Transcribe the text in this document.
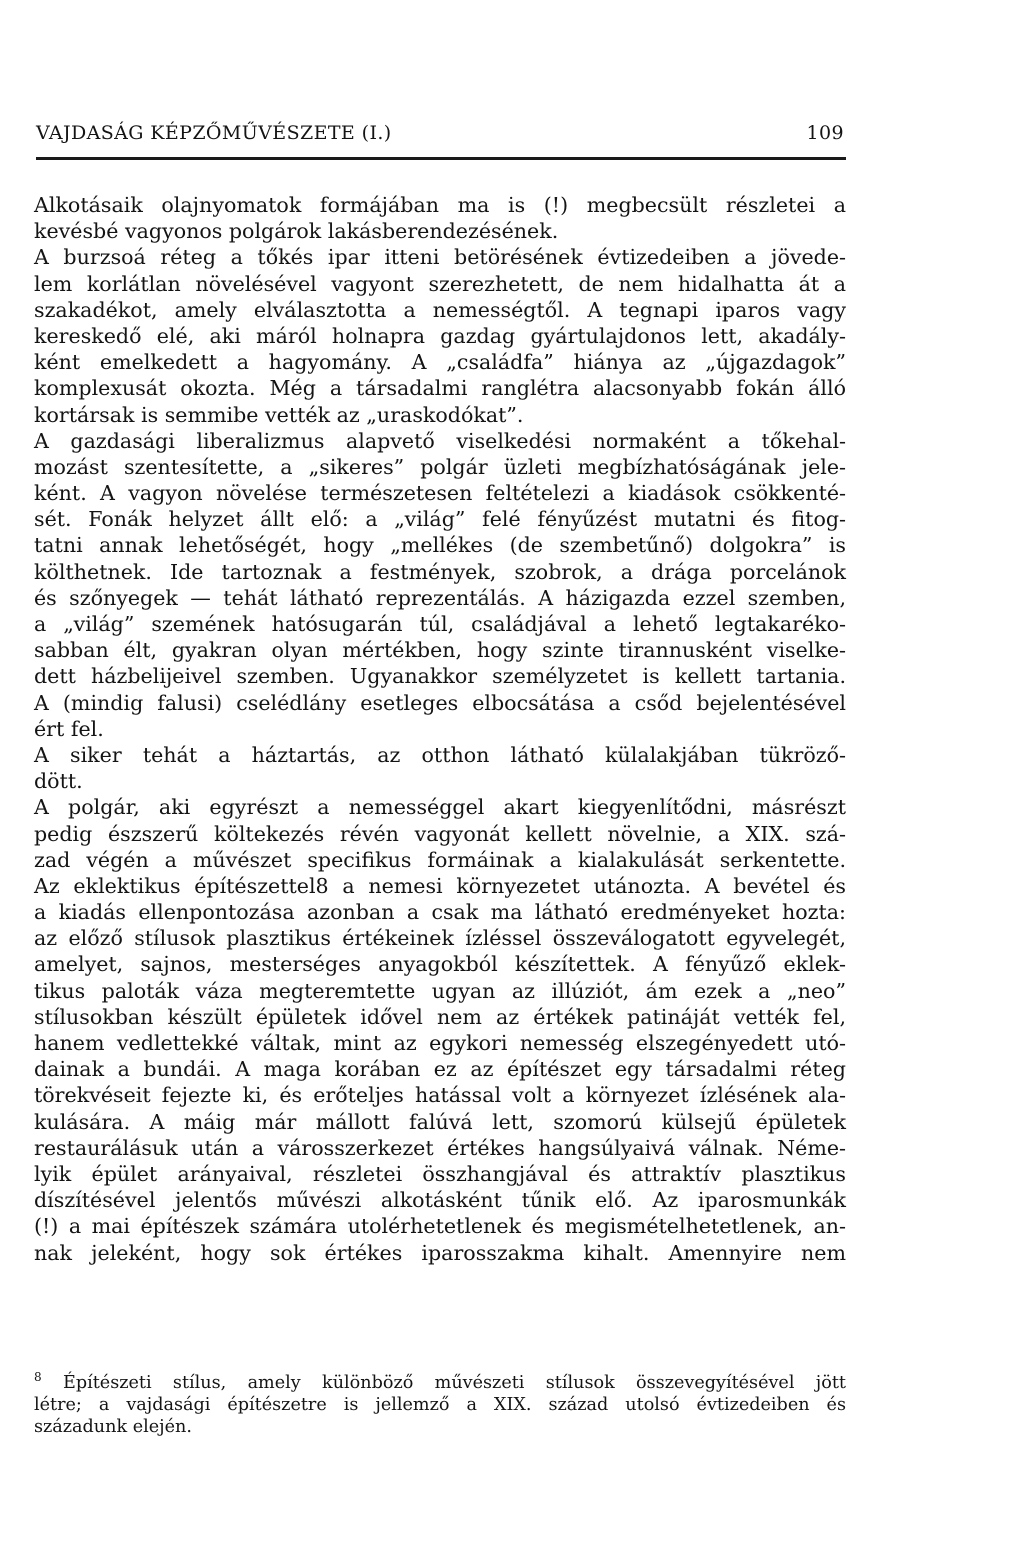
VAJDASÁG KÉPZŐMŰVÉSZETE (I.)	109
Alkotásaik olajnyomatok formájában ma is (!) megbecsült részletei a
kevésbé vagyonos polgárok lakásberendezésének.
A burzsoá réteg a tőkés ipar itteni betörésének évtizedeiben a jövede-
lem korlátlan növelésével vagyont szerezhetett, de nem hidalhatta át a
szakadékot, amely elválasztotta a nemességtől. A tegnapi iparos vagy
kereskedő elé, aki máról holnapra gazdag gyártulajdonos lett, akadály-
ként emelkedett a hagyomány. A „családfa” hiánya az „újgazdagok”
komplexusát okozta. Még a társadalmi ranglétra alacsonyabb fokán álló
kortársak is semmibe vették az „uraskodókat”.
A gazdasági liberalizmus alapvető viselkedési normaként a tőkehal-
mozást szentesítette, a „sikeres” polgár üzleti megbízhatóságának jele-
ként. A vagyon növelése természetesen feltételezi a kiadások csökkenté-
sét. Fonák helyzet állt elő: a „világ” felé fényűzést mutatni és fitog-
tatni annak lehetőségét, hogy „mellékes (de szembetűnő) dolgokra” is
költhetnek. Ide tartoznak a festmények, szobrok, a drága porcelánok
és szőnyegek — tehát látható reprezentálás. A házigazda ezzel szemben,
a „világ” szemének hatósugarán túl, családjával a lehető legtakaréko-
sabban élt, gyakran olyan mértékben, hogy szinte tirannusként viselke-
dett házbelijeivel szemben. Ugyanakkor személyzetet is kellett tartania.
A (mindig falusi) cselédlány esetleges elbocsátása a csőd bejelentésével
ért fel.
A siker tehát a háztartás, az otthon látható külalakjában tükröző-
dött.
A polgár, aki egyrészt a nemességgel akart kiegyenlítődni, másrészt
pedig észszerű költekezés révén vagyonát kellett növelnie, a XIX. szá-
zad végén a művészet specifikus formáinak a kialakulását serkentette.
Az eklektikus építészettel8 a nemesi környezetet utánozta. A bevétel és
a kiadás ellenpontozása azonban a csak ma látható eredményeket hozta:
az előző stílusok plasztikus értékeinek ízléssel összeválogatott egyvelegét,
amelyet, sajnos, mesterséges anyagokból készítettek. A fényűző eklek-
tikus paloták váza megteremtette ugyan az illúziót, ám ezek a „neo”
stílusokban készült épületek idővel nem az értékek patináját vették fel,
hanem vedlettekké váltak, mint az egykori nemesség elszegényedett utó-
dainak a bundái. A maga korában ez az építészet egy társadalmi réteg
törekvéseit fejezte ki, és erőteljes hatással volt a környezet ízlésének ala-
kulására. A máig már mállott falúvá lett, szomorú külsejű épületek
restaurálásuk után a városszerkezet értékes hangsúlyaivá válnak. Néme-
lyik épület arányaival, részletei összhangjával és attraktív plasztikus
díszítésével jelentős művészi alkotásként tűnik elő. Az iparosmunkák
(!) a mai építészek számára utolérhetetlenek és megismételhetetlenek, an-
nak jeleként, hogy sok értékes iparosszakma kihalt. Amennyire nem
$^8$ Építészeti stílus, amely különböző művészeti stílusok összevegyítésével jött
létre; a vajdasági építészetre is jellemző a XIX. század utolsó évtizedeiben és
századunk elején.
